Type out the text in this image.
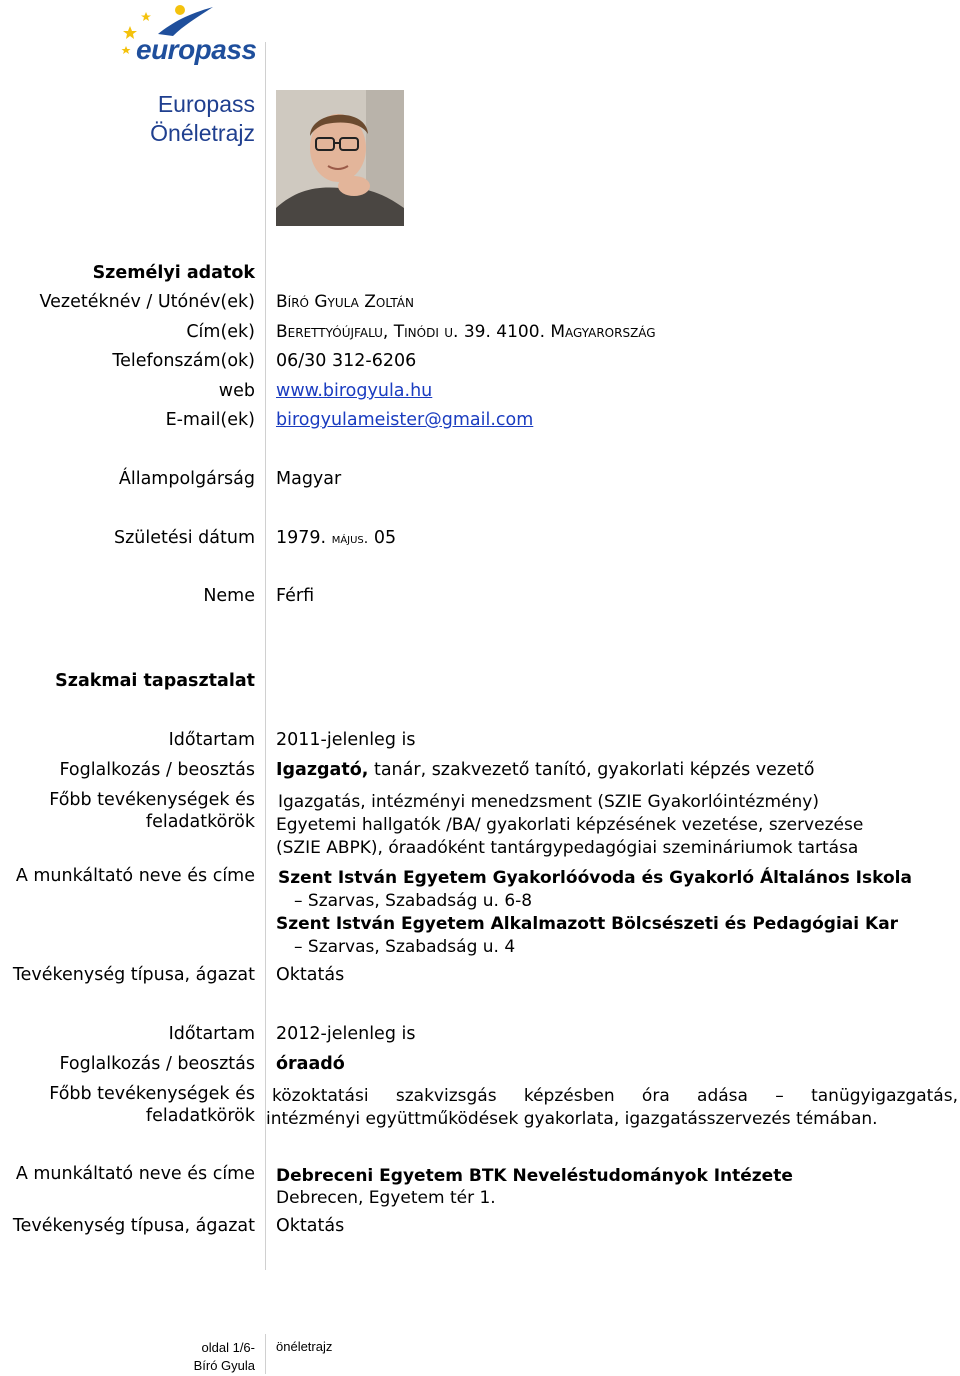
europass
Europass
Önéletrajz
Személyi adatok
Vezetéknév / Utónév(ek) Bíró Gyula Zoltán
Cím(ek) Berettyóújfalu, Tinódi u. 39. 4100. Magyarország
Telefonszám(ok) 06/30 312-6206
web www.birogyula.hu
E-mail(ek) birogyulameister@gmail.com
Állampolgárság Magyar
Születési dátum 1979. május. 05
Neme Férfi
Szakmai tapasztalat
Időtartam 2011-jelenleg is
Foglalkozás / beosztás Igazgató, tanár, szakvezető tanító, gyakorlati képzés vezető
Főbb tevékenységek és
feladatkörök
Igazgatás, intézményi menedzsment (SZIE Gyakorlóintézmény)
Egyetemi hallgatók /BA/ gyakorlati képzésének vezetése, szervezése
(SZIE ABPK), óraadóként tantárgypedagógiai szemináriumok tartása
A munkáltató neve és címe Szent István Egyetem Gyakorlóóvoda és Gyakorló Általános Iskola
– Szarvas, Szabadság u. 6-8
Szent István Egyetem Alkalmazott Bölcsészeti és Pedagógiai Kar
– Szarvas, Szabadság u. 4
Tevékenység típusa, ágazat Oktatás
Időtartam 2012-jelenleg is
Foglalkozás / beosztás óraadó
Főbb tevékenységek és
feladatkörök
közoktatási szakvizsgás képzésben óra adása – tanügyigazgatás,
intézményi együttműködések gyakorlata, igazgatásszervezés témában.
A munkáltató neve és címe Debreceni Egyetem BTK Neveléstudományok Intézete
Debrecen, Egyetem tér 1.
Tevékenység típusa, ágazat Oktatás
oldal 1/6-
Bíró Gyula
önéletrajz
